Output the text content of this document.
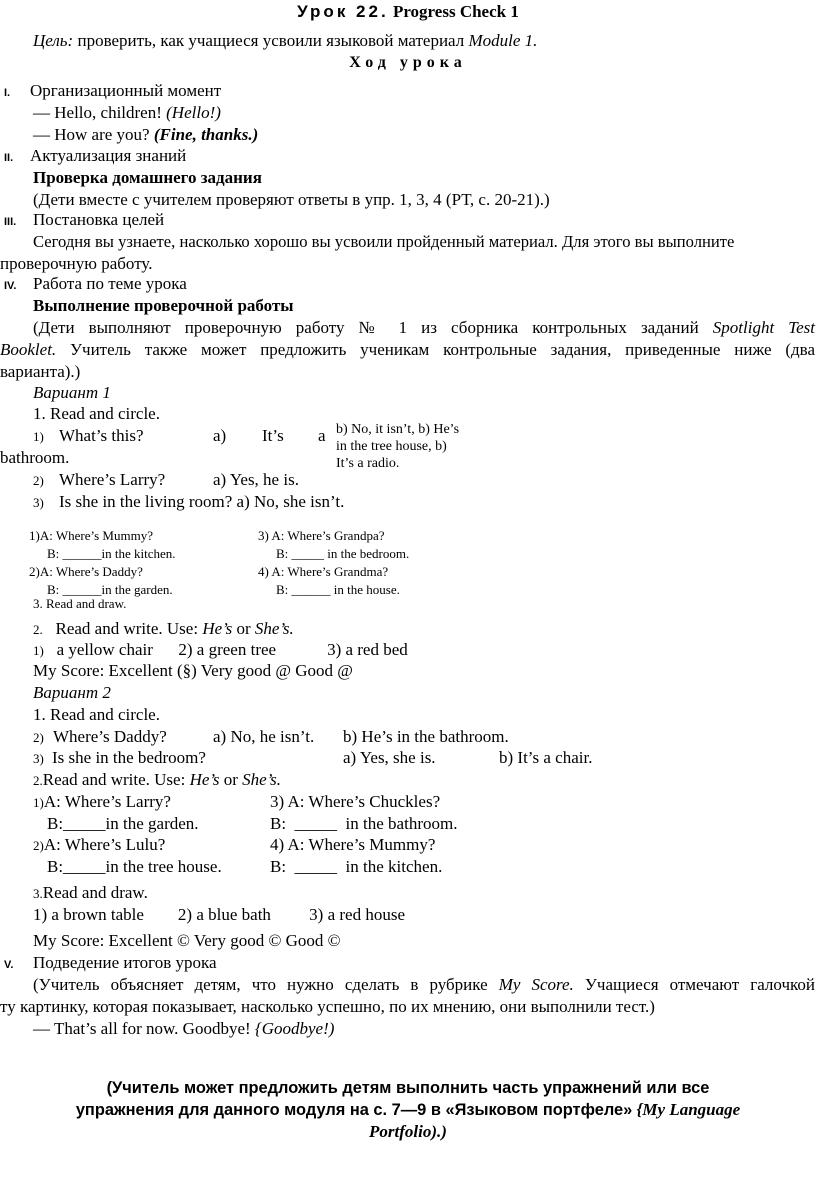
Урок 22. Progress Check 1
Цель: проверить, как учащиеся усвоили языковой материал Module 1.
Ход урока
I. Организационный момент
— Hello, children! (Hello!)
— How are you? (Fine, thanks.)
II. Актуализация знаний
Проверка домашнего задания
(Дети вместе с учителем проверяют ответы в упр. 1, 3, 4 (РТ, с. 20-21).)
III. Постановка целей
Сегодня вы узнаете, насколько хорошо вы усвоили пройденный материал. Для этого вы выполните
проверочную работу.
IV. Работа по теме урока
Выполнение проверочной работы
(Дети выполняют проверочную работу № 1 из сборника контрольных заданий Spotlight Test
Booklet. Учитель также может предложить ученикам контрольные задания, приведенные ниже (два
варианта).)
Вариант 1
1. Read and circle.
1) What’s this?	a) It’s a b) No, it isn’t, b) He’s
in the tree house, b)
It’s a radio.
bathroom.
2) Where’s Larry?	a) Yes, he is.
3) Is she in the living room? a) No, she isn’t.
1)A: Where’s Mummy?
B: ______in the kitchen.
2)A: Where’s Daddy?
B: ______in the garden.
3) A: Where’s Grandpa?
B: _____ in the bedroom.
4) A: Where’s Grandma?
B: ______ in the house.
3. Read and draw.
2. Read and write. Use: He’s or She’s.
1) a yellow chair      2) a green tree            3) a red bed
My Score: Excellent (§) Very good @ Good @
Вариант 2
1. Read and circle.
2) Where’s Daddy?	a) No, he isn’t. b) He’s in the bathroom.
3) Is she in the bedroom?	a) Yes, she is.	b) It’s a chair.
2.Read and write. Use: He’s or She’s.
1)A: Where’s Larry?	3) A: Where’s Chuckles?
B:_____in the garden.	B:  _____  in the bathroom.
2)A: Where’s Lulu?	4) A: Where’s Mummy?
B:_____in the tree house.	B:  _____  in the kitchen.
3.Read and draw.
1) a brown table        2) a blue bath         3) a red house
My Score: Excellent © Very good © Good ©
V. Подведение итогов урока
(Учитель объясняет детям, что нужно сделать в рубрике My Score. Учащиеся отмечают галочкой
ту картинку, которая показывает, насколько успешно, по их мнению, они выполнили тест.)
— That’s all for now. Goodbye! {Goodbye!)
(Учитель может предложить детям выполнить часть упражнений или все
упражнения для данного модуля на с. 7—9 в «Языковом портфеле» {My Language
Portfolio).)
